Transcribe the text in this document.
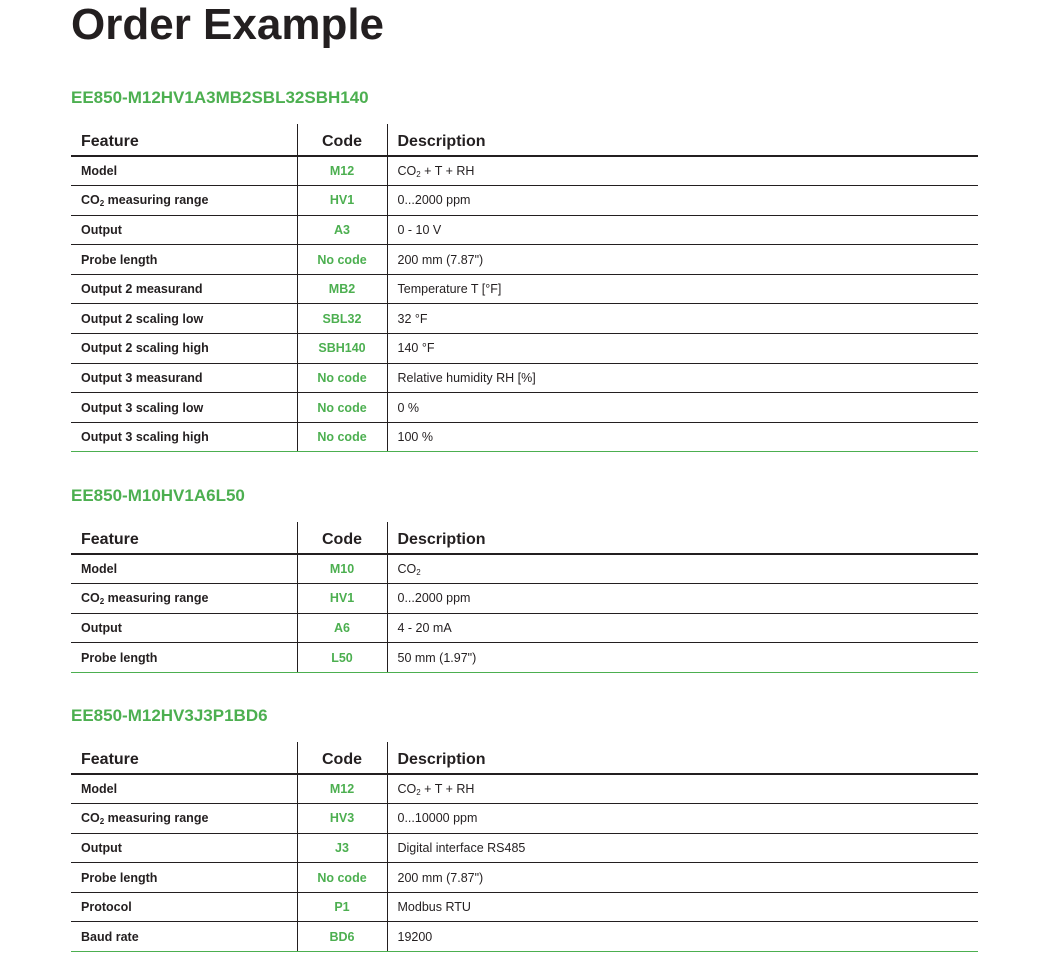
Order Example
EE850-M12HV1A3MB2SBL32SBH140
Feature	Code	Description
Model	M12	$CO_2 + T$ + RH
$CO_2$ measuring range	HV1	0...2000 ppm
Output	A3	0 - 10 V
Probe length	No code	200 mm (7.87")
Output 2 measurand	MB2	Temperature T [°F]
Output 2 scaling low	SBL32	32 °F
Output 2 scaling high	SBH140	140 °F
Output 3 measurand	No code	Relative humidity RH [%]
Output 3 scaling low	No code	0 %
Output 3 scaling high	No code	100 %
EE850-M10HV1A6L50
Feature	Code	Description
Model	M10	$CO_2$
$CO_2$ measuring range	HV1	0...2000 ppm
Output	A6	4 - 20 mA
Probe length	L50	50 mm (1.97")
EE850-M12HV3J3P1BD6
Feature	Code	Description
Model	M12	$CO_2 + T$ + RH
$CO_2$ measuring range	HV3	0...10000 ppm
Output	J3	Digital interface RS485
Probe length	No code	200 mm (7.87")
Protocol	P1	Modbus RTU
Baud rate	BD6	19200
